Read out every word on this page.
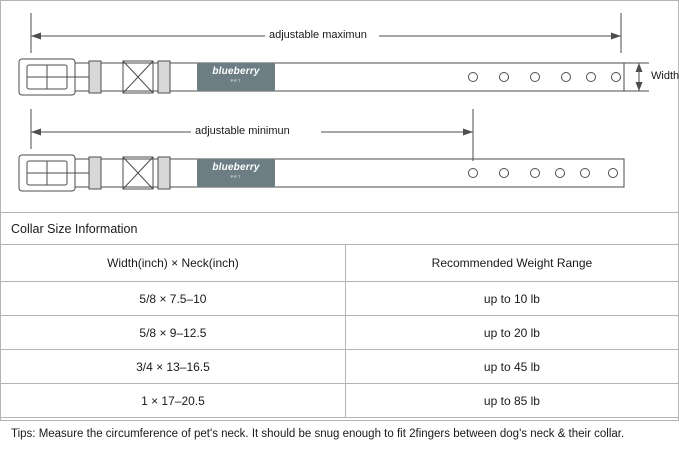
blueberry
PET
blueberry
PET
adjustable maximun
adjustable minimun
Width
Collar Size Information
Width(inch) × Neck(inch)	Recommended Weight Range
5/8 × 7.5–10	up to 10 lb
5/8 × 9–12.5	up to 20 lb
3/4 × 13–16.5	up to 45 lb
1 × 17–20.5	up to 85 lb
Tips: Measure the circumference of pet's neck. It should be snug enough to fit 2fingers between dog's neck & their collar.
